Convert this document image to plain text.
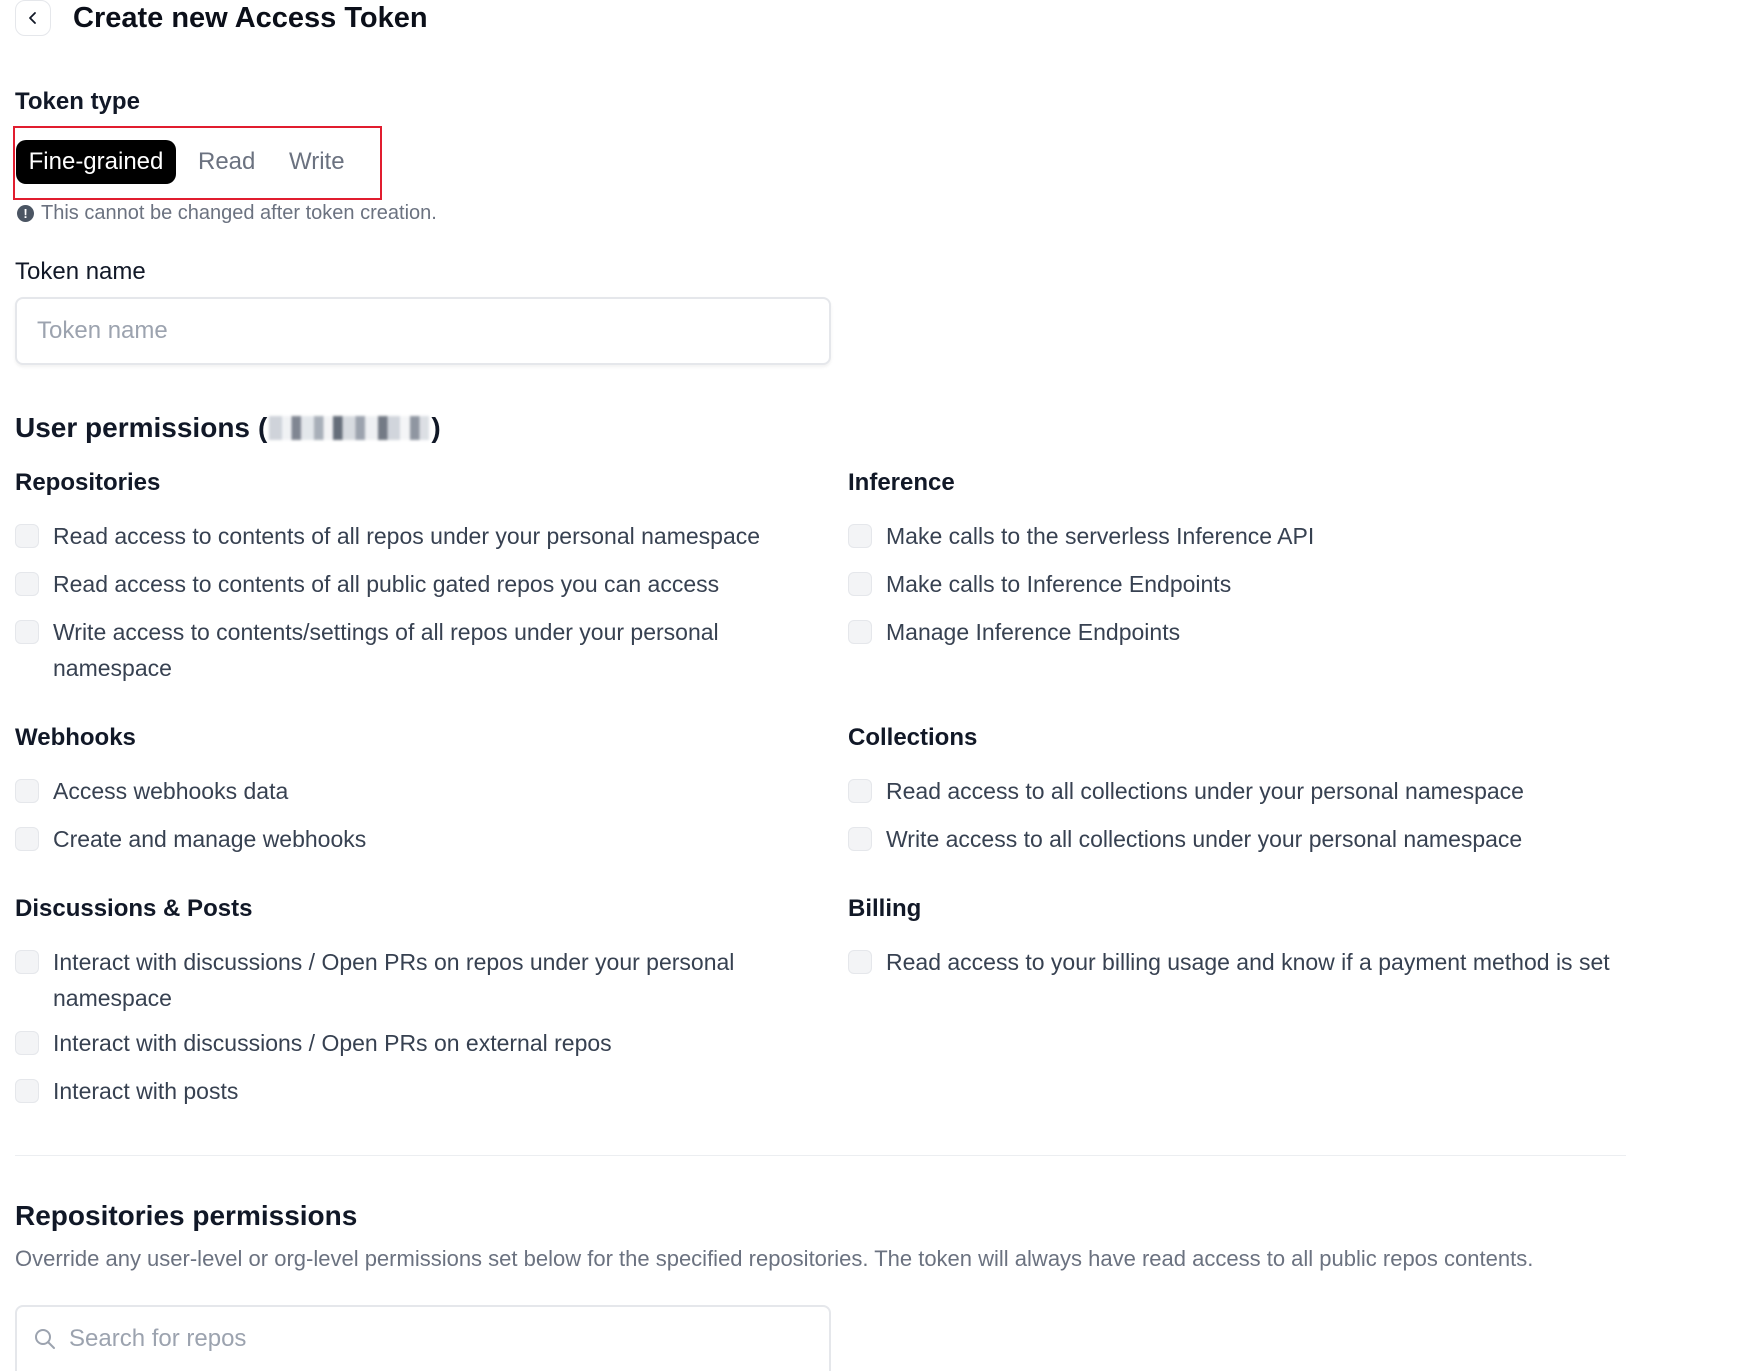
Create new Access Token
Token type
Fine-grained	Read Write
! This cannot be changed after token creation.
Token name
Token name
User permissions (	)
Repositories
Read access to contents of all repos under your personal namespace
Read access to contents of all public gated repos you can access
Write access to contents/settings of all repos under your personal namespace
Inference
Make calls to the serverless Inference API
Make calls to Inference Endpoints
Manage Inference Endpoints
Webhooks
Access webhooks data
Create and manage webhooks
Collections
Read access to all collections under your personal namespace
Write access to all collections under your personal namespace
Discussions & Posts
Interact with discussions / Open PRs on repos under your personal namespace
Interact with discussions / Open PRs on external repos
Interact with posts
Billing
Read access to your billing usage and know if a payment method is set
Repositories permissions
Override any user-level or org-level permissions set below for the specified repositories. The token will always have read access to all public repos contents.
Search for repos
